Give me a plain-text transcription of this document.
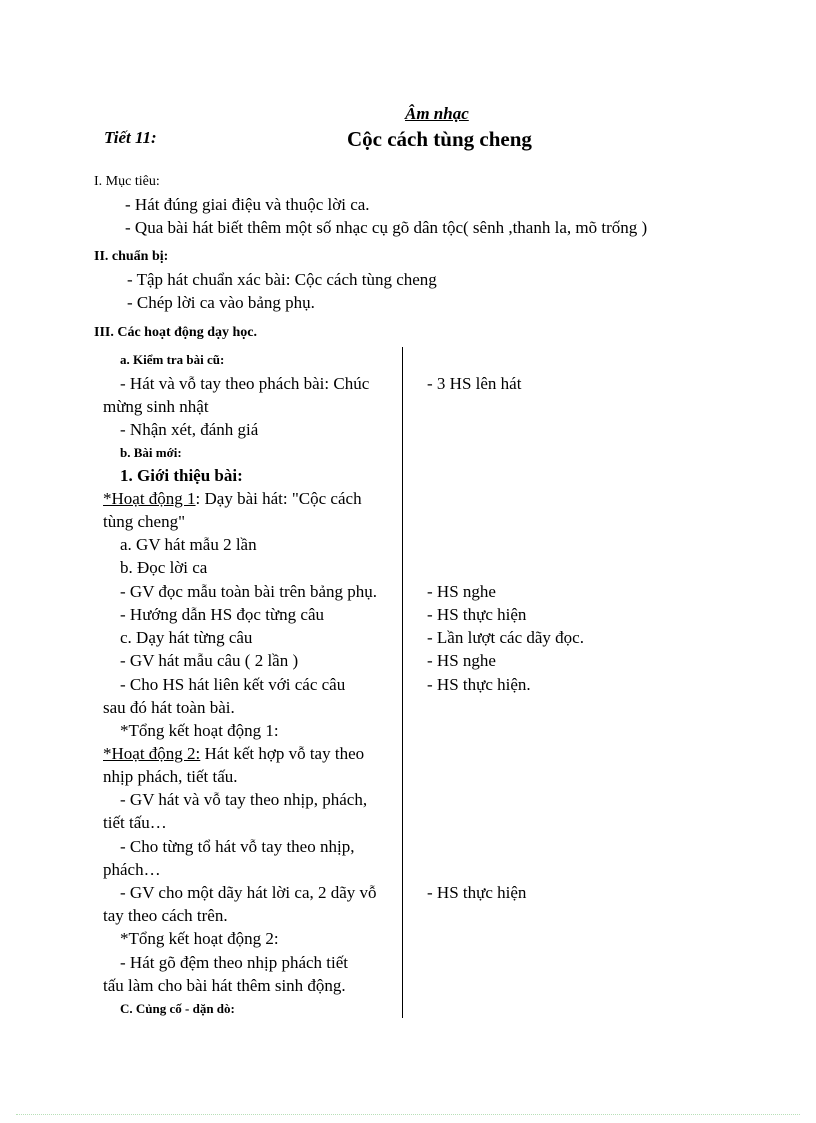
Âm nhạc
Tiết 11:	Cộc cách tùng cheng
I. Mục tiêu:
- Hát đúng giai điệu và thuộc lời ca.
- Qua bài hát biết thêm một số nhạc cụ gõ dân tộc( sênh ,thanh la, mõ trống )
II. chuẩn bị:
- Tập hát chuẩn xác bài: Cộc cách tùng cheng
- Chép lời ca vào bảng phụ.
III. Các hoạt động dạy học.
a. Kiểm tra bài cũ:
- Hát và vỗ tay theo phách bài: Chúc
mừng sinh nhật
- Nhận xét, đánh giá
b. Bài mới:
1. Giới thiệu bài:
*Hoạt động 1: Dạy bài hát: "Cộc cách
tùng cheng"
a. GV hát mẫu 2 lần
b. Đọc lời ca
- GV đọc mẫu toàn bài trên bảng phụ.
- Hướng dẫn HS đọc từng câu
c. Dạy hát từng câu
- GV hát mẫu câu ( 2 lần )
- Cho HS hát liên kết với các câu
sau đó hát toàn bài.
*Tổng kết hoạt động 1:
*Hoạt động 2: Hát kết hợp vỗ tay theo
nhịp phách, tiết tấu.
- GV hát và vỗ tay theo nhịp, phách,
tiết tấu…
- Cho từng tổ hát vỗ tay theo nhịp,
phách…
- GV cho một dãy hát lời ca, 2 dãy vỗ
tay theo cách trên.
*Tổng kết hoạt động 2:
- Hát gõ đệm theo nhịp phách tiết
tấu làm cho bài hát thêm sinh động.
C. Củng cố - dặn dò:
- 3 HS lên hát
- HS nghe
- HS thực hiện
- Lần lượt các dãy đọc.
- HS nghe
- HS thực hiện.
- HS thực hiện
